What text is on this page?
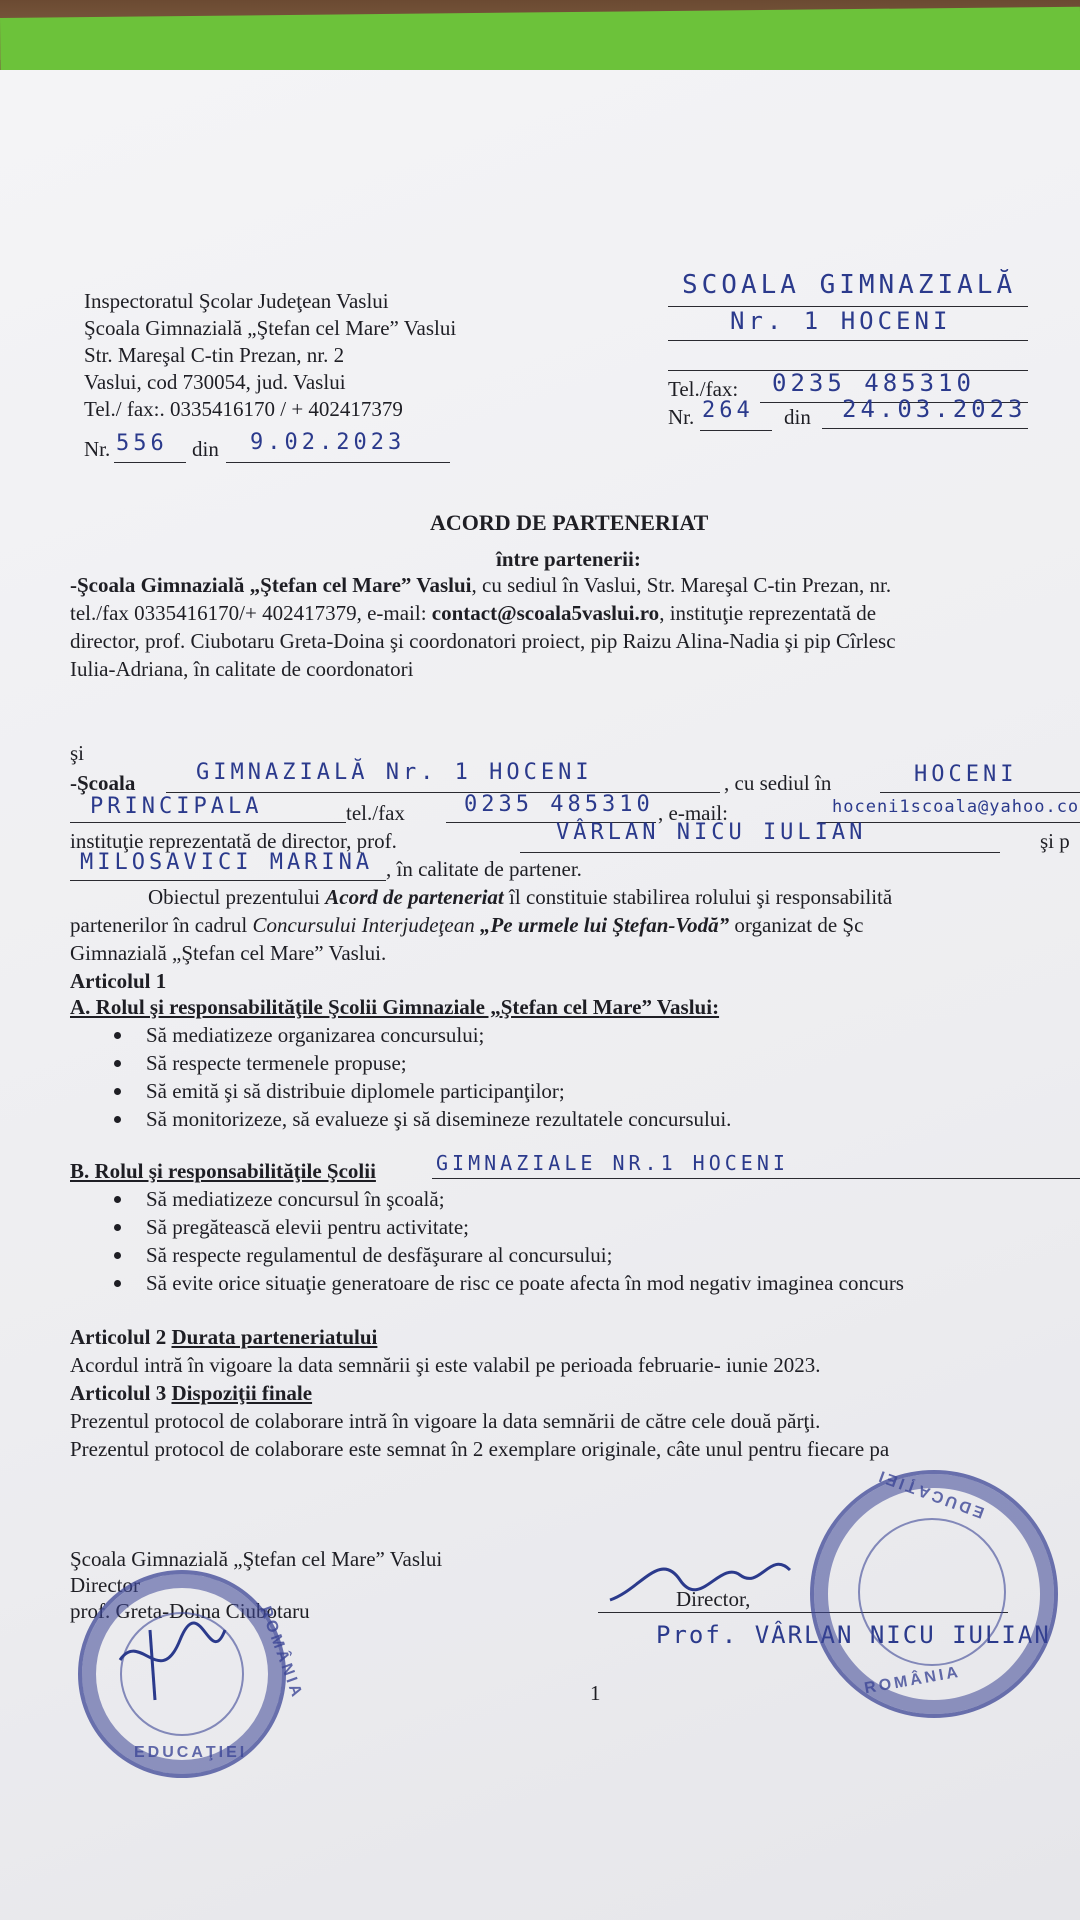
Inspectoratul Şcolar Judeţean Vaslui
Şcoala Gimnazială „Ştefan cel Mare” Vaslui
Str. Mareşal C-tin Prezan, nr. 2
Vaslui, cod 730054, jud. Vaslui
Tel./ fax:. 0335416170 / + 402417379
Nr. 556 din 9.02.2023
SCOALA GIMNAZIALĂ
Nr. 1 HOCENI
Tel./fax: 0235 485310
Nr. 264 din 24.03.2023
ACORD DE PARTENERIAT
între partenerii:
-Şcoala Gimnazială „Ştefan cel Mare” Vaslui, cu sediul în Vaslui, Str. Mareşal C-tin Prezan, nr.
tel./fax 0335416170/+ 402417379, e-mail: contact@scoala5vaslui.ro, instituţie reprezentată de
director, prof. Ciubotaru Greta-Doina şi coordonatori proiect, pip Raizu Alina-Nadia şi pip Cîrlesc
Iulia-Adriana, în calitate de coordonatori
şi
-Şcoala	GIMNAZIALĂ Nr. 1 HOCENI	, cu sediul în	HOCENI
PRINCIPALA	tel./fax	0235 485310 , e-mail:	hoceni1scoala@yahoo.co
instituţie reprezentată de director, prof.	VÂRLAN NICU IULIAN	şi p
MILOSAVICI MARINA , în calitate de partener.
Obiectul prezentului Acord de parteneriat îl constituie stabilirea rolului şi responsabilită
partenerilor în cadrul Concursului Interjudeţean „Pe urmele lui Ştefan-Vodă” organizat de Şc
Gimnazială „Ştefan cel Mare” Vaslui.
Articolul 1
A. Rolul şi responsabilităţile Şcolii Gimnaziale „Ştefan cel Mare” Vaslui:
Să mediatizeze organizarea concursului;
Să respecte termenele propuse;
Să emită şi să distribuie diplomele participanţilor;
Să monitorizeze, să evalueze şi să disemineze rezultatele concursului.
B. Rolul şi responsabilităţile Şcolii	GIMNAZIALE NR.1 HOCENI
Să mediatizeze concursul în şcoală;
Să pregătească elevii pentru activitate;
Să respecte regulamentul de desfăşurare al concursului;
Să evite orice situaţie generatoare de risc ce poate afecta în mod negativ imaginea concurs
Articolul 2 Durata parteneriatului
Acordul intră în vigoare la data semnării şi este valabil pe perioada februarie- iunie 2023.
Articolul 3 Dispoziţii finale
Prezentul protocol de colaborare intră în vigoare la data semnării de către cele două părţi.
Prezentul protocol de colaborare este semnat în 2 exemplare originale, câte unul pentru fiecare pa
Şcoala Gimnazială „Ştefan cel Mare” Vaslui
Director
prof. Greta-Doina Ciubotaru
ROMÂNIA
EDUCAŢIEI
Director,
Prof. VÂRLAN NICU IULIAN
EDUCAŢIEI
ROMÂNIA
1
